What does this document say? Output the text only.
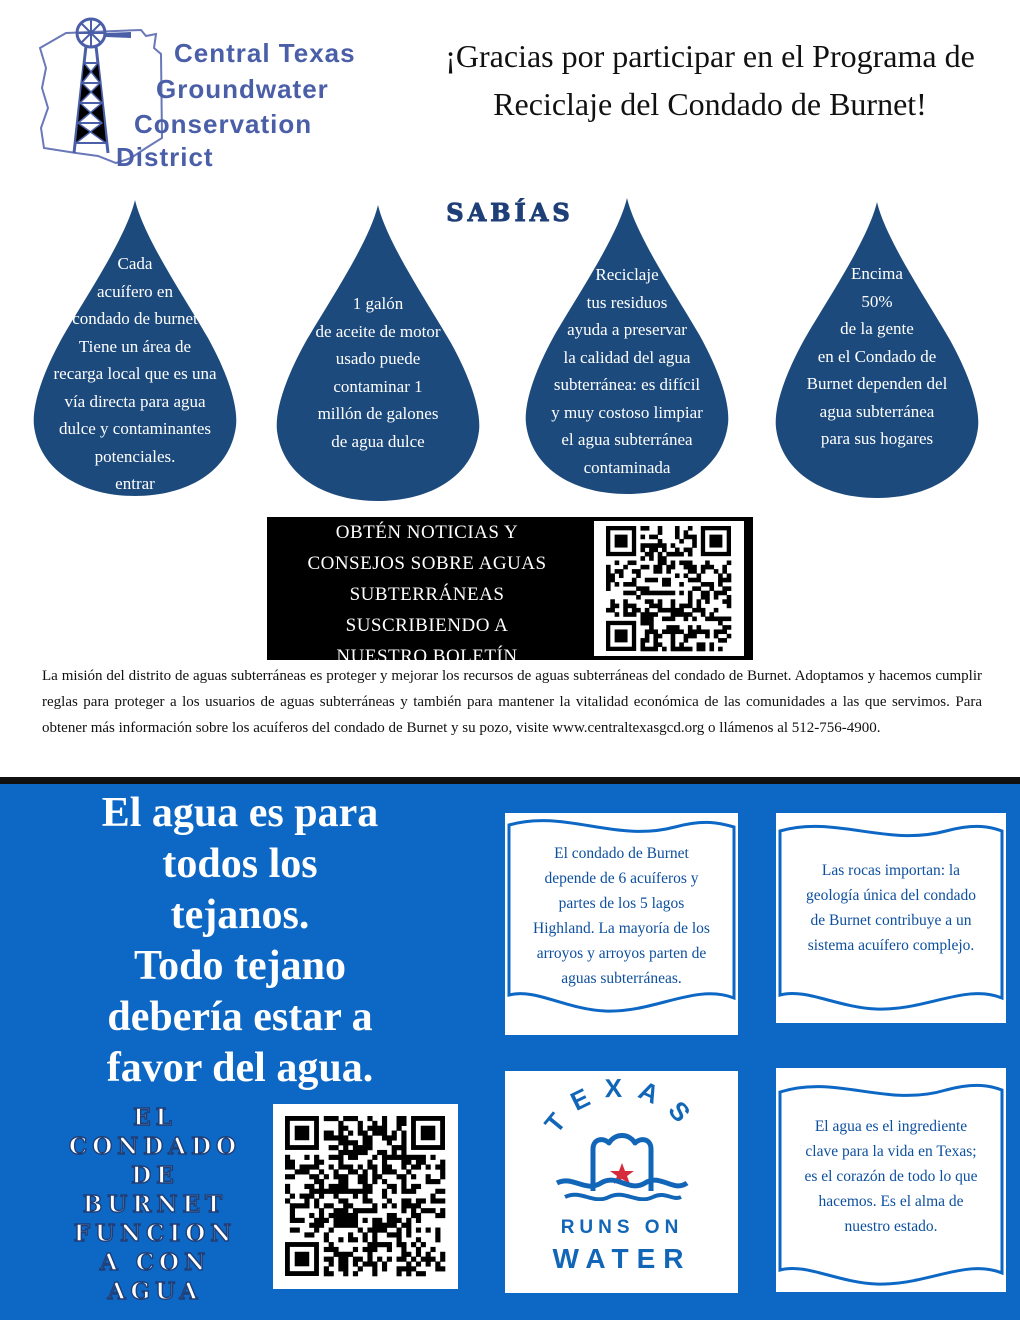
Central Texas
Groundwater
Conservation
District
¡Gracias por participar en el Programa de Reciclaje del Condado de Burnet!
SABÍAS
Cada
acuífero en
condado de burnet
Tiene un área de
recarga local que es una
vía directa para agua
dulce y contaminantes
potenciales.
entrar
1 galón
de aceite de motor
usado puede
contaminar 1
millón de galones
de agua dulce
Reciclaje
tus residuos
ayuda a preservar
la calidad del agua
subterránea: es difícil
y muy costoso limpiar
el agua subterránea
contaminada
Encima
50%
de la gente
en el Condado de
Burnet dependen del
agua subterránea
para sus hogares
OBTÉN NOTICIAS Y
CONSEJOS SOBRE AGUAS
SUBTERRÁNEAS
SUSCRIBIENDO A
NUESTRO BOLETÍN
La misión del distrito de aguas subterráneas es proteger y mejorar los recursos de aguas subterráneas del condado de Burnet. Adoptamos y hacemos cumplir reglas para proteger a los usuarios de aguas subterráneas y también para mantener la vitalidad económica de las comunidades a las que servimos. Para obtener más información sobre los acuíferos del condado de Burnet y su pozo, visite www.centraltexasgcd.org o llámenos al 512-756-4900.
El agua es para
todos los
tejanos.
Todo tejano
debería estar a
favor del agua.
EL
CONDADO
DE
BURNET
FUNCION
A CON
AGUA
El condado de Burnet
depende de 6 acuíferos y
partes de los 5 lagos
Highland. La mayoría de los
arroyos y arroyos parten de
aguas subterráneas.
Las rocas importan: la
geología única del condado
de Burnet contribuye a un
sistema acuífero complejo.
TEXAS
RUNS ON
WATER
El agua es el ingrediente
clave para la vida en Texas;
es el corazón de todo lo que
hacemos. Es el alma de
nuestro estado.
